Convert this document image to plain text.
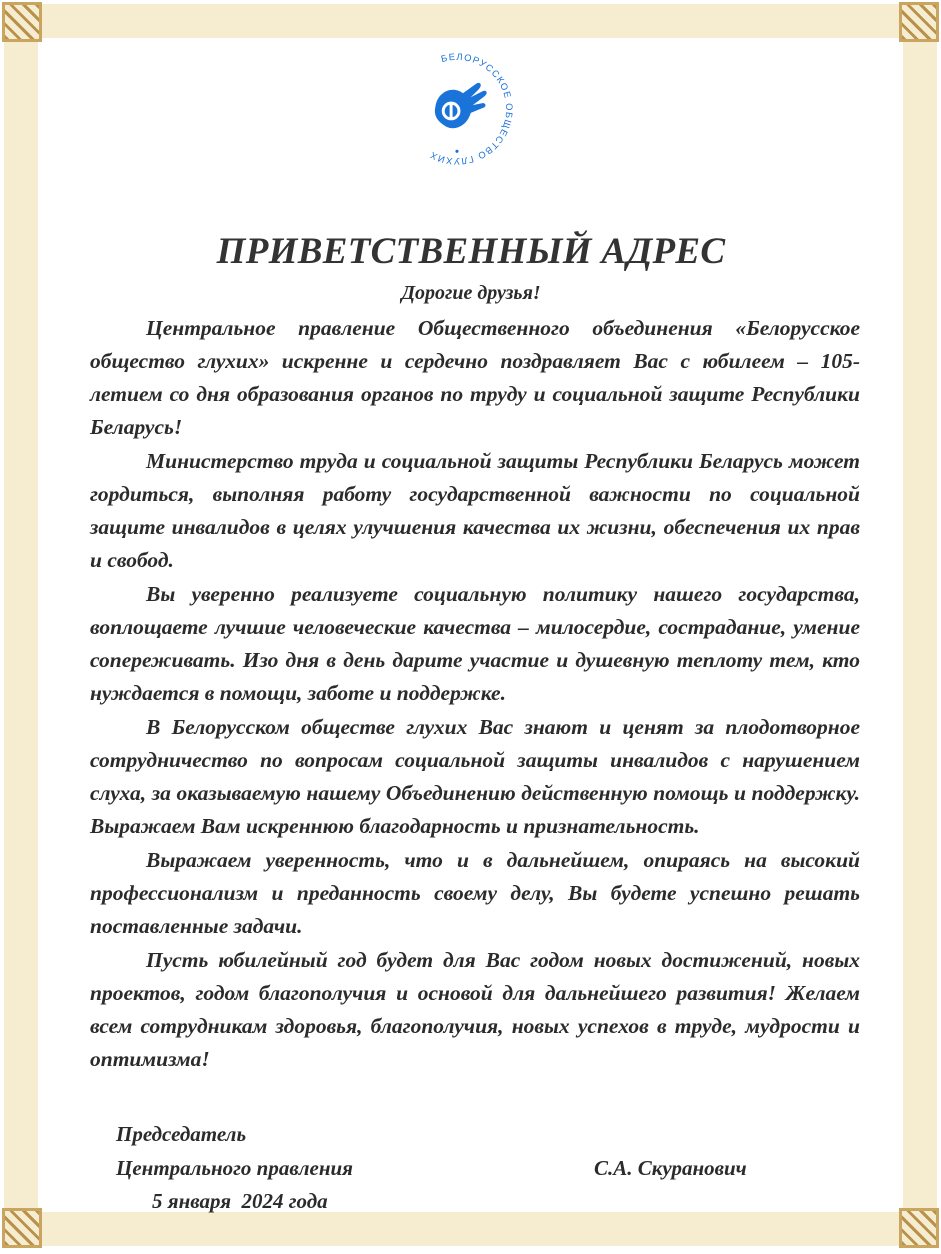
БЕЛОРУССКОЕ ОБЩЕСТВО ГЛУХИХ
ПРИВЕТСТВЕННЫЙ АДРЕС
Дорогие друзья!

Центральное правление Общественного объединения «Белорусское общество глухих» искренне и сердечно поздравляет Вас с юбилеем – 105-летием со дня образования органов по труду и социальной защите Республики Беларусь!

Министерство труда и социальной защиты Республики Беларусь может гордиться, выполняя работу государственной важности по социальной защите инвалидов в целях улучшения качества их жизни, обеспечения их прав и свобод.

Вы уверенно реализуете социальную политику нашего государства, воплощаете лучшие человеческие качества – милосердие, сострадание, умение сопереживать. Изо дня в день дарите участие и душевную теплоту тем, кто нуждается в помощи, заботе и поддержке.

В Белорусском обществе глухих Вас знают и ценят за плодотворное сотрудничество по вопросам социальной защиты инвалидов с нарушением слуха, за оказываемую нашему Объединению действенную помощь и поддержку. Выражаем Вам искреннюю благодарность и признательность.

Выражаем уверенность, что и в дальнейшем, опираясь на высокий профессионализм и преданность своему делу, Вы будете успешно решать поставленные задачи.

Пусть юбилейный год будет для Вас годом новых достижений, новых проектов, годом благополучия и основой для дальнейшего развития! Желаем всем сотрудникам здоровья, благополучия, новых успехов в труде, мудрости и оптимизма!

Председатель
Центрального правления	С.А. Скуранович
5 января  2024 года
